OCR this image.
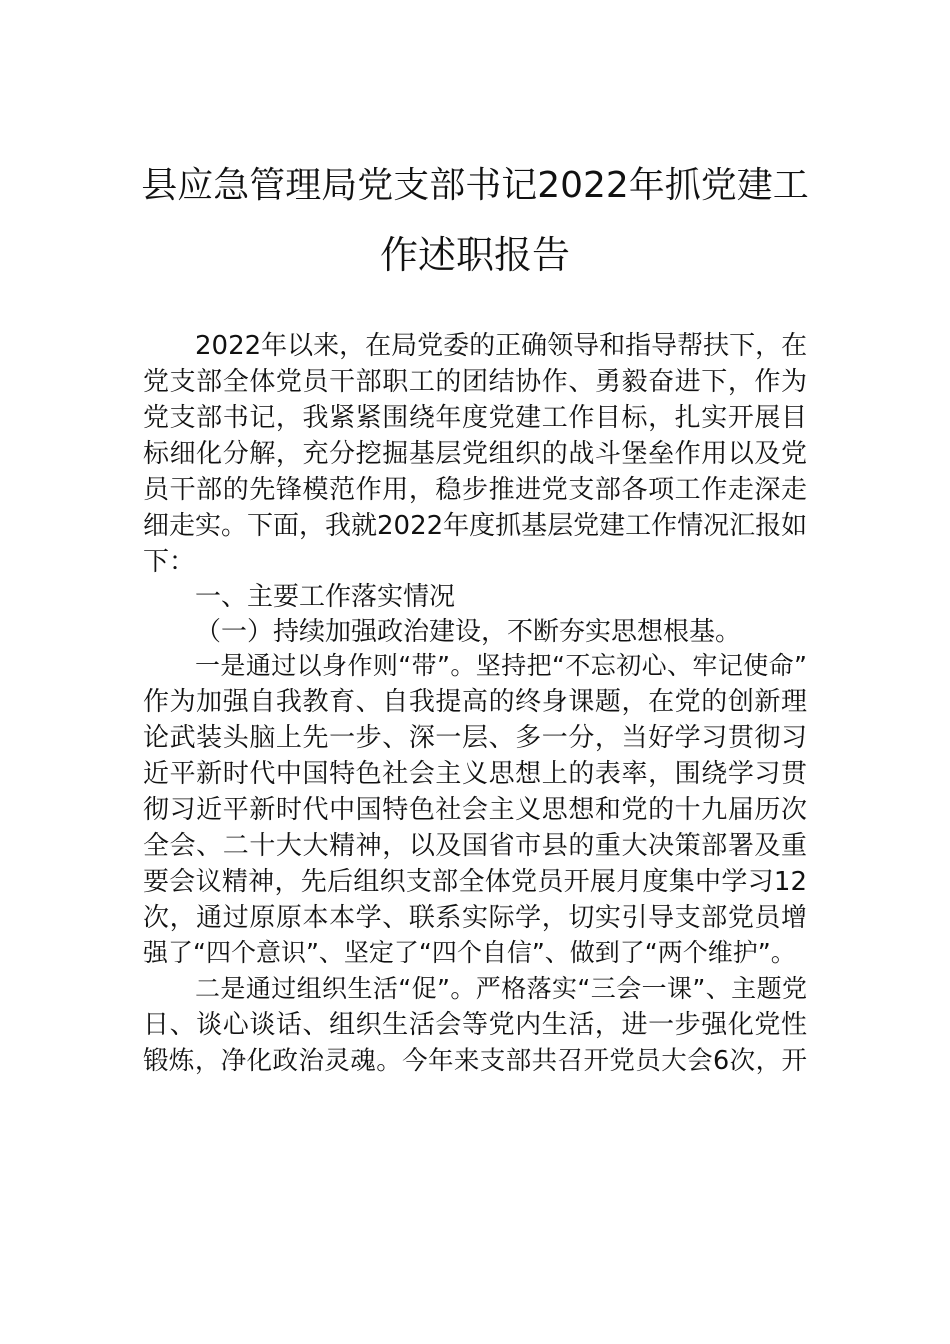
县应急管理局党支部书记2022年抓党建工
作述职报告
2022年以来，在局党委的正确领导和指导帮扶下，在
党支部全体党员干部职工的团结协作、勇毅奋进下，作为
党支部书记，我紧紧围绕年度党建工作目标，扎实开展目
标细化分解，充分挖掘基层党组织的战斗堡垒作用以及党
员干部的先锋模范作用，稳步推进党支部各项工作走深走
细走实。下面，我就2022年度抓基层党建工作情况汇报如
下：
一、主要工作落实情况
（一）持续加强政治建设，不断夯实思想根基。
一是通过以身作则“带”。坚持把“不忘初心、牢记使命”
作为加强自我教育、自我提高的终身课题，在党的创新理
论武装头脑上先一步、深一层、多一分，当好学习贯彻习
近平新时代中国特色社会主义思想上的表率，围绕学习贯
彻习近平新时代中国特色社会主义思想和党的十九届历次
全会、二十大大精神，以及国省市县的重大决策部署及重
要会议精神，先后组织支部全体党员开展月度集中学习12
次，通过原原本本学、联系实际学，切实引导支部党员增
强了“四个意识”、坚定了“四个自信”、做到了“两个维护”。
二是通过组织生活“促”。严格落实“三会一课”、主题党
日、谈心谈话、组织生活会等党内生活，进一步强化党性
锻炼，净化政治灵魂。今年来支部共召开党员大会6次，开
